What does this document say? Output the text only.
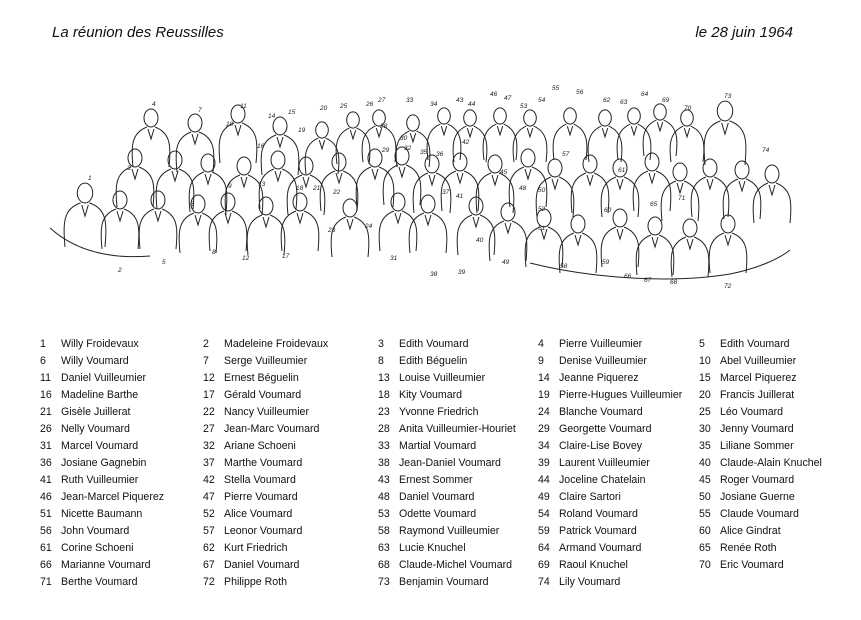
La réunion des Reussilles	le 28 juin 1964
1
2
3
4
5
6
7
8
9
10
11
12
13
14
15
16
17
18
19
20
21
22
23
24
25	26
27
28
29
30
31
32
33
34
35 36
37
38	39
40
41
42
43
44
45
46
47
48
49
50
51
52
53
54
55
56
57
58
59
60
61
62 63
64
65
66
67	68
69
70
71
72
73
74
1	Willy Froidevaux	2	Madeleine Froidevaux	3	Edith Voumard	4	Pierre Vuilleumier	5	Edith Voumard
6	Willy Voumard	7	Serge Vuilleumier	8	Edith Béguelin	9	Denise Vuilleumier	10 Abel Vuilleumier
11 Daniel Vuilleumier	12 Ernest Béguelin	13 Louise Vuilleumier	14 Jeanne Piquerez	15 Marcel Piquerez
16 Madeline Barthe	17 Gérald Voumard	18 Kity Voumard	19 Pierre-Hugues Vuilleumier 20 Francis Juillerat
21 Gisèle Juillerat	22 Nancy Vuilleumier	23 Yvonne Friedrich	24 Blanche Voumard	25 Léo Voumard
26 Nelly Voumard	27 Jean-Marc Voumard	28 Anita Vuilleumier-Houriet 29 Georgette Voumard	30 Jenny Voumard
31 Marcel Voumard	32 Ariane Schoeni	33 Martial Voumard	34 Claire-Lise Bovey	35 Liliane Sommer
36 Josiane Gagnebin	37 Marthe Voumard	38 Jean-Daniel Voumard	39 Laurent Vuilleumier	40 Claude-Alain Knuchel
41 Ruth Vuilleumier	42 Stella Voumard	43 Ernest Sommer	44 Joceline Chatelain	45 Roger Voumard
46 Jean-Marcel Piquerez	47 Pierre Voumard	48 Daniel Voumard	49 Claire Sartori	50 Josiane Guerne
51 Nicette Baumann	52 Alice Voumard	53 Odette Voumard	54 Roland Voumard	55 Claude Voumard
56 John Voumard	57 Leonor Voumard	58 Raymond Vuilleumier	59 Patrick Voumard	60 Alice Gindrat
61 Corine Schoeni	62 Kurt Friedrich	63 Lucie Knuchel	64 Armand Voumard	65 Renée Roth
66 Marianne Voumard	67 Daniel Voumard	68 Claude-Michel Voumard 69 Raoul Knuchel	70 Eric Voumard
71 Berthe Voumard	72 Philippe Roth	73 Benjamin Voumard	74 Lily Voumard
